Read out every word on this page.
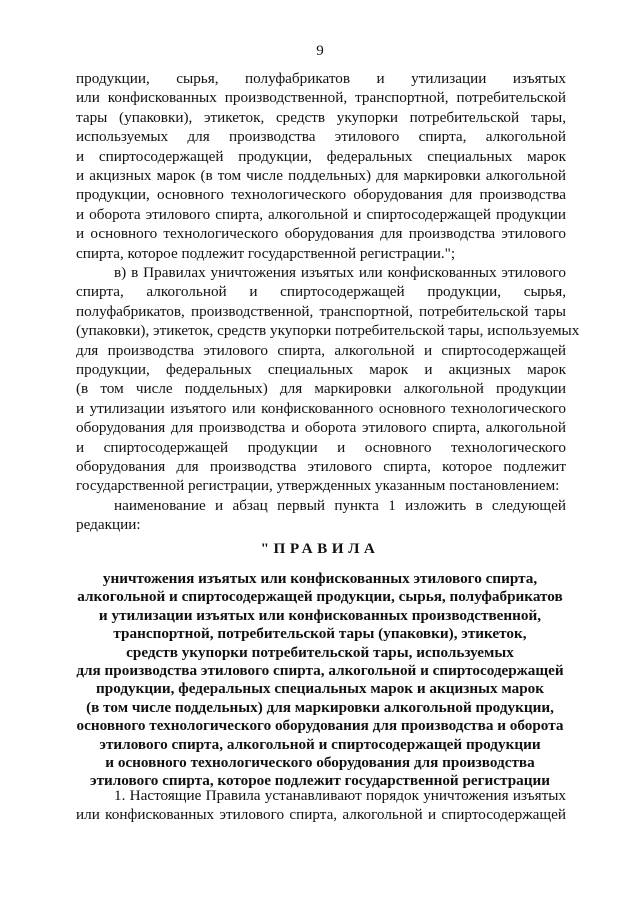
9
продукции, сырья, полуфабрикатов и утилизации изъятых
или конфискованных производственной, транспортной, потребительской
тары (упаковки), этикеток, средств укупорки потребительской тары,
используемых для производства этилового спирта, алкогольной
и спиртосодержащей продукции, федеральных специальных марок
и акцизных марок (в том числе поддельных) для маркировки алкогольной
продукции, основного технологического оборудования для производства
и оборота этилового спирта, алкогольной и спиртосодержащей продукции
и основного технологического оборудования для производства этилового
спирта, которое подлежит государственной регистрации.";
в) в Правилах уничтожения изъятых или конфискованных этилового
спирта, алкогольной и спиртосодержащей продукции, сырья,
полуфабрикатов, производственной, транспортной, потребительской тары
(упаковки), этикеток, средств укупорки потребительской тары, используемых
для производства этилового спирта, алкогольной и спиртосодержащей
продукции, федеральных специальных марок и акцизных марок
(в том числе поддельных) для маркировки алкогольной продукции
и утилизации изъятого или конфискованного основного технологического
оборудования для производства и оборота этилового спирта, алкогольной
и спиртосодержащей продукции и основного технологического
оборудования для производства этилового спирта, которое подлежит
государственной регистрации, утвержденных указанным постановлением:
наименование и абзац первый пункта 1 изложить в следующей
редакции:
"ПРАВИЛА
уничтожения изъятых или конфискованных этилового спирта,
алкогольной и спиртосодержащей продукции, сырья, полуфабрикатов
и утилизации изъятых или конфискованных производственной,
транспортной, потребительской тары (упаковки), этикеток,
средств укупорки потребительской тары, используемых
для производства этилового спирта, алкогольной и спиртосодержащей
продукции, федеральных специальных марок и акцизных марок
(в том числе поддельных) для маркировки алкогольной продукции,
основного технологического оборудования для производства и оборота
этилового спирта, алкогольной и спиртосодержащей продукции
и основного технологического оборудования для производства
этилового спирта, которое подлежит государственной регистрации
1. Настоящие Правила устанавливают порядок уничтожения изъятых
или конфискованных этилового спирта, алкогольной и спиртосодержащей
